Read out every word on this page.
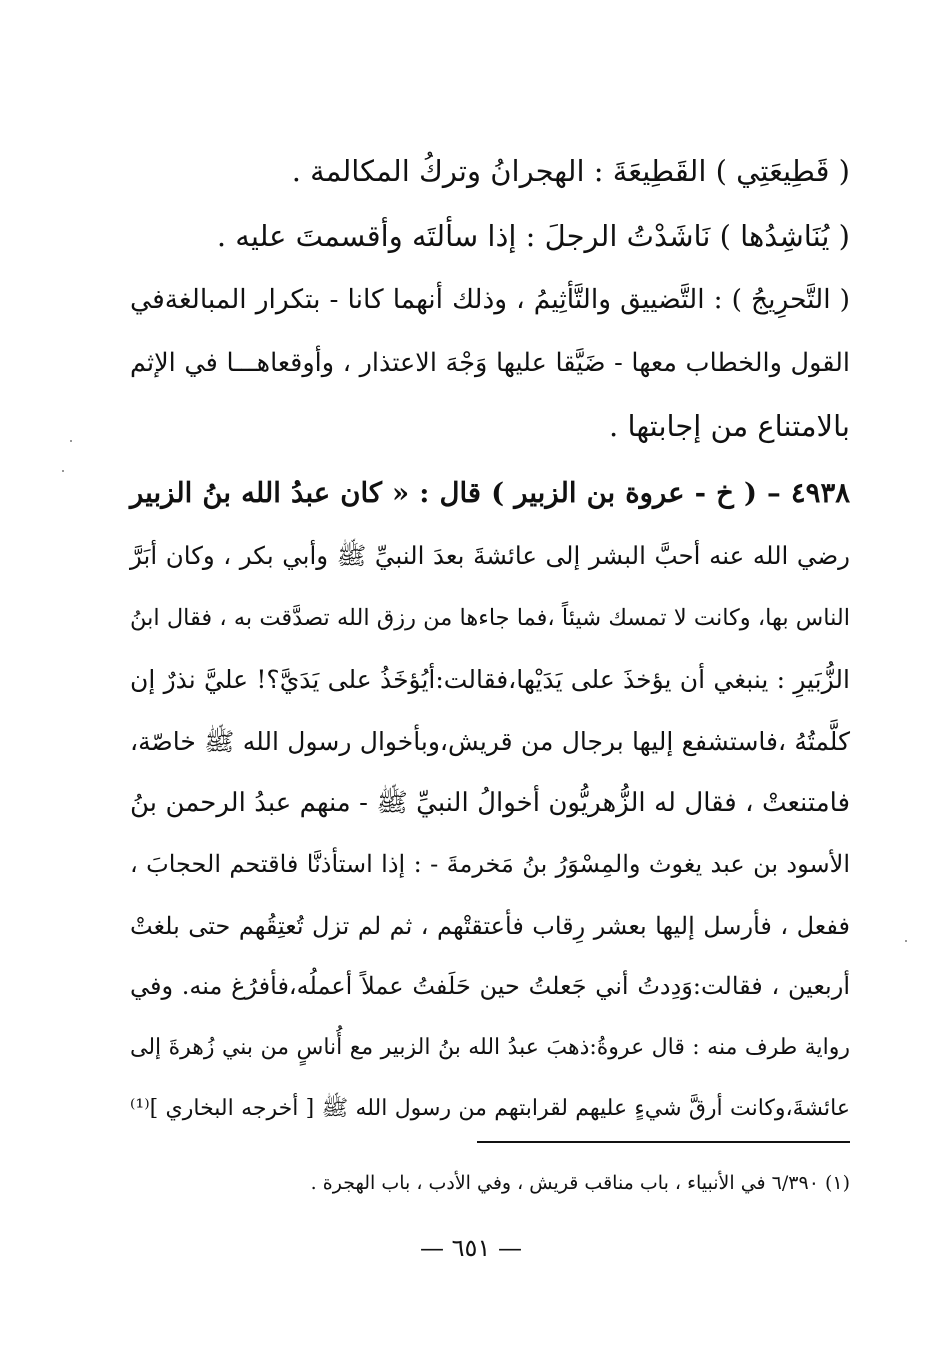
( قَطِيعَتِي ) القَطِيعَةَ : الهجرانُ وتركُ المكالمة .
( يُنَاشِدُها ) نَاشَدْتُ الرجلَ : إذا سألتَه وأقسمتَ عليه .
( التَّحرِيجُ ) : التَّضييق والتَّأثِيمُ ، وذلك أنهما كانا - بتكرار المبالغةفي
القول والخطاب معها - ضَيَّقا عليها وَجْهَ الاعتذار ، وأوقعاهـــا في الإثم
بالامتناع من إجابتها .
٤٩٣٨ – ( خ - عروة بن الزبير ) قال : « كان عبدُ الله بنُ الزبير
رضي الله عنه أحبَّ البشر إلى عائشةَ بعدَ النبيِّ ﷺ وأبي بكر ، وكان أبَرَّ
الناس بها، وكانت لا تمسك شيئاً ،فما جاءها من رزق الله تصدَّقت به ، فقال ابنُ
الزُّبَيرِ : ينبغي أن يؤخذَ على يَدَيْها،فقالت:أيُؤخَذُ على يَدَيَّ؟! عليَّ نذرٌ إن
كلَّمتُهُ ،فاستشفع إليها برجال من قريش،وبأخوال رسول الله ﷺ خاصّة،
فامتنعتْ ، فقال له الزُّهريُّون أخوالُ النبيِّ ﷺ - منهم عبدُ الرحمن بنُ
الأسود بن عبد يغوث والمِسْوَرُ بنُ مَخرمةَ - : إذا استأذنَّا فاقتحم الحجابَ ،
ففعل ، فأرسل إليها بعشر رِقاب فأعتقتْهم ، ثم لم تزل تُعتِقُهم حتى بلغتْ
أربعين ، فقالت:وَدِدتُ أني جَعلتُ حين حَلَفتُ عملاً أعملُه،فأفرُغ منه. وفي
رواية طرف منه : قال عروةُ:ذهبَ عبدُ الله بنُ الزبير مع أُناسٍ من بني زُهرةَ إلى
عائشةَ،وكانت أرقَّ شيءٍ عليهم لقرابتهم من رسول الله ﷺ [ أخرجه البخاري ]⁽¹⁾
(١) ٦/٣٩٠ في الأنبياء ، باب مناقب قريش ، وفي الأدب ، باب الهجرة .
— ٦٥١ —
